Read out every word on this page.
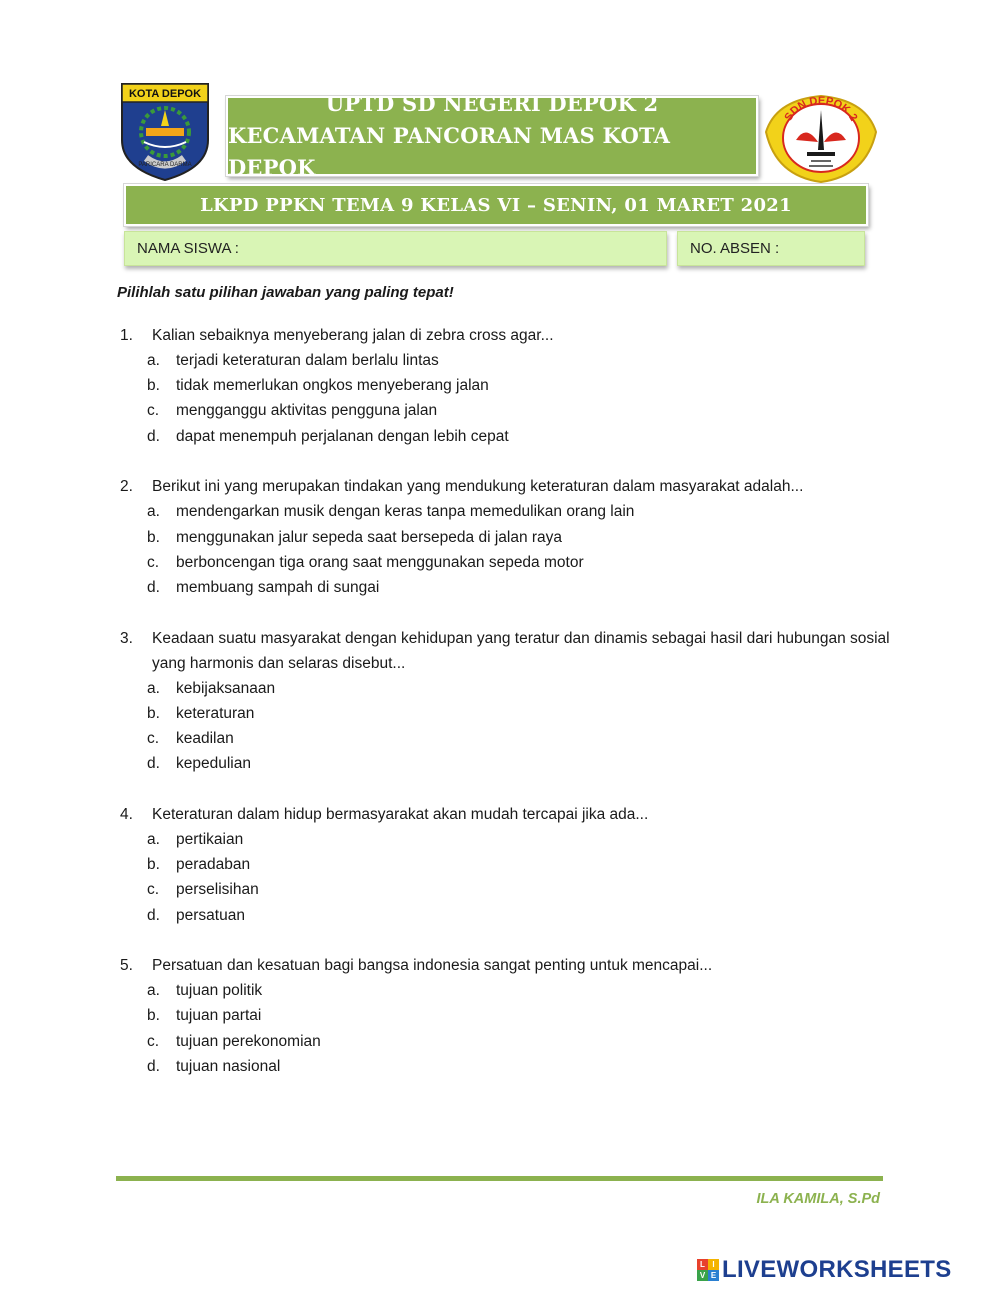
KOTA DEPOK
PARICARA DARMA
UPTD SD NEGERI DEPOK 2
KECAMATAN PANCORAN MAS KOTA DEPOK
SDN DEPOK 2
LKPD PPKN TEMA 9 KELAS VI – SENIN, 01 MARET 2021
NAMA SISWA :	NO. ABSEN :
Pilihlah satu pilihan jawaban yang paling tepat!
1.	Kalian sebaiknya menyeberang jalan di zebra cross agar...
a.	terjadi keteraturan dalam berlalu lintas
b.	tidak memerlukan ongkos menyeberang jalan
c.	mengganggu aktivitas pengguna jalan
d.	dapat menempuh perjalanan dengan lebih cepat
2.	Berikut ini yang merupakan tindakan yang mendukung keteraturan dalam masyarakat adalah...
a.	mendengarkan musik dengan keras tanpa memedulikan orang lain
b.	menggunakan jalur sepeda saat bersepeda di jalan raya
c.	berboncengan tiga orang saat menggunakan sepeda motor
d.	membuang sampah di sungai
3.	Keadaan suatu masyarakat dengan kehidupan yang teratur dan dinamis sebagai hasil dari hubungan sosial yang harmonis dan selaras disebut...
a.	kebijaksanaan
b.	keteraturan
c.	keadilan
d.	kepedulian
4.	Keteraturan dalam hidup bermasyarakat akan mudah tercapai jika ada...
a.	pertikaian
b.	peradaban
c.	perselisihan
d.	persatuan
5.	Persatuan dan kesatuan bagi bangsa indonesia sangat penting untuk mencapai...
a.	tujuan politik
b.	tujuan partai
c.	tujuan perekonomian
d.	tujuan nasional
ILA KAMILA, S.Pd
L I
V E LIVEWORKSHEETS
